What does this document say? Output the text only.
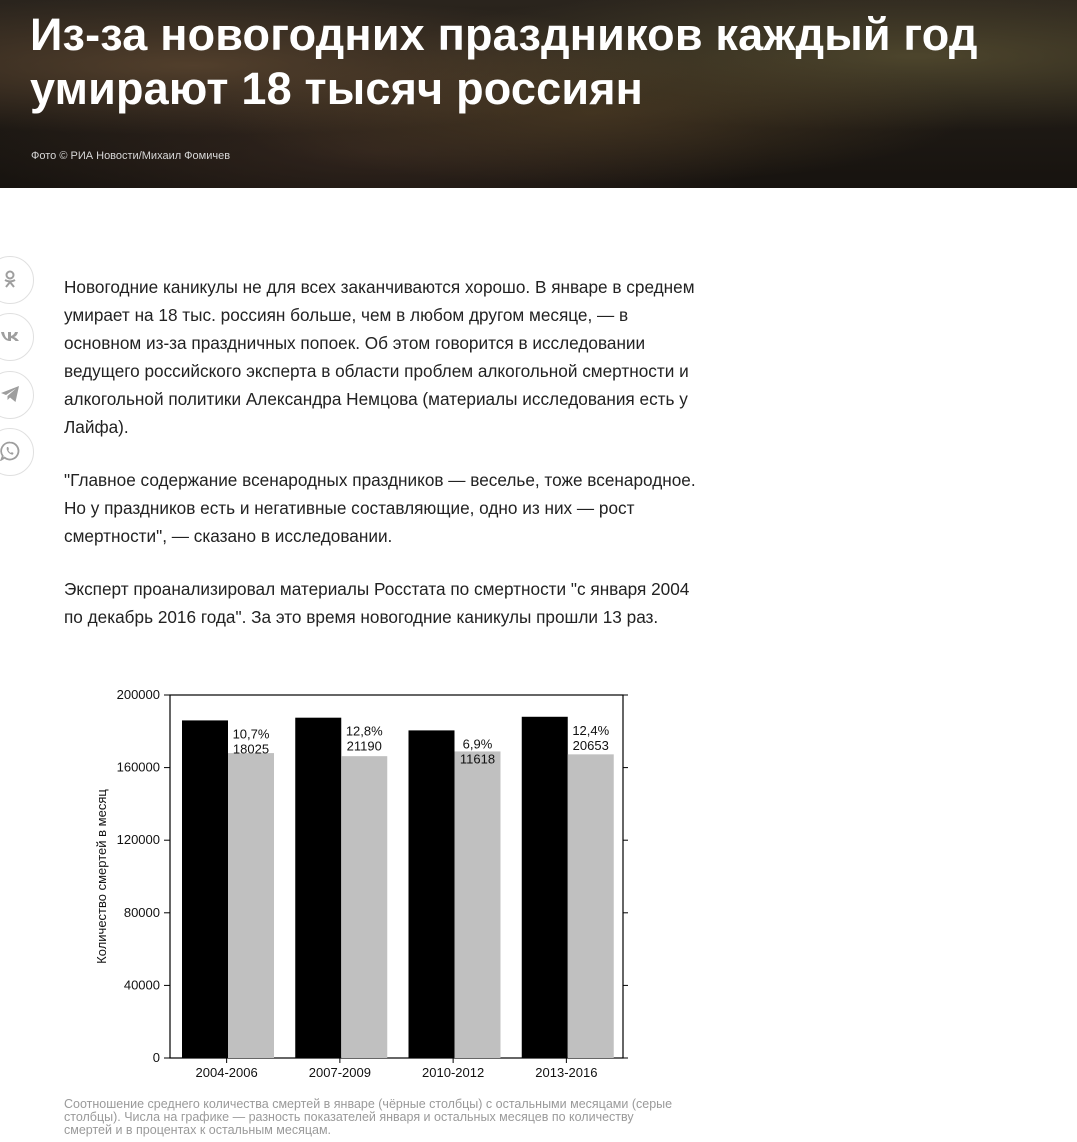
Из-за новогодних праздников каждый год умирают 18 тысяч россиян
Фото © РИА Новости/Михаил Фомичев

Новогодние каникулы не для всех заканчиваются хорошо. В январе в среднем умирает на 18 тыс. россиян больше, чем в любом другом месяце, — в основном из-за праздничных попоек. Об этом говорится в исследовании ведущего российского эксперта в области проблем алкогольной смертности и алкогольной политики Александра Немцова (материалы исследования есть у Лайфа).

"Главное содержание всенародных праздников — веселье, тоже всенародное. Но у праздников есть и негативные составляющие, одно из них — рост смертности", — сказано в исследовании.

Эксперт проанализировал материалы Росстата по смертности "с января 2004 по декабрь 2016 года". За это время новогодние каникулы прошли 13 раз.

0
40000
80000
120000
160000
200000
10,7%
18025
2004-2006
12,8%
21190
2007-2009
6,9%
11618
2010-2012
12,4%
20653
2013-2016
Количество смертей в месяц
Соотношение среднего количества смертей в январе (чёрные столбцы) с остальными месяцами (серые столбцы). Числа на графике — разность показателей января и остальных месяцев по количеству смертей и в процентах к остальным месяцам.
